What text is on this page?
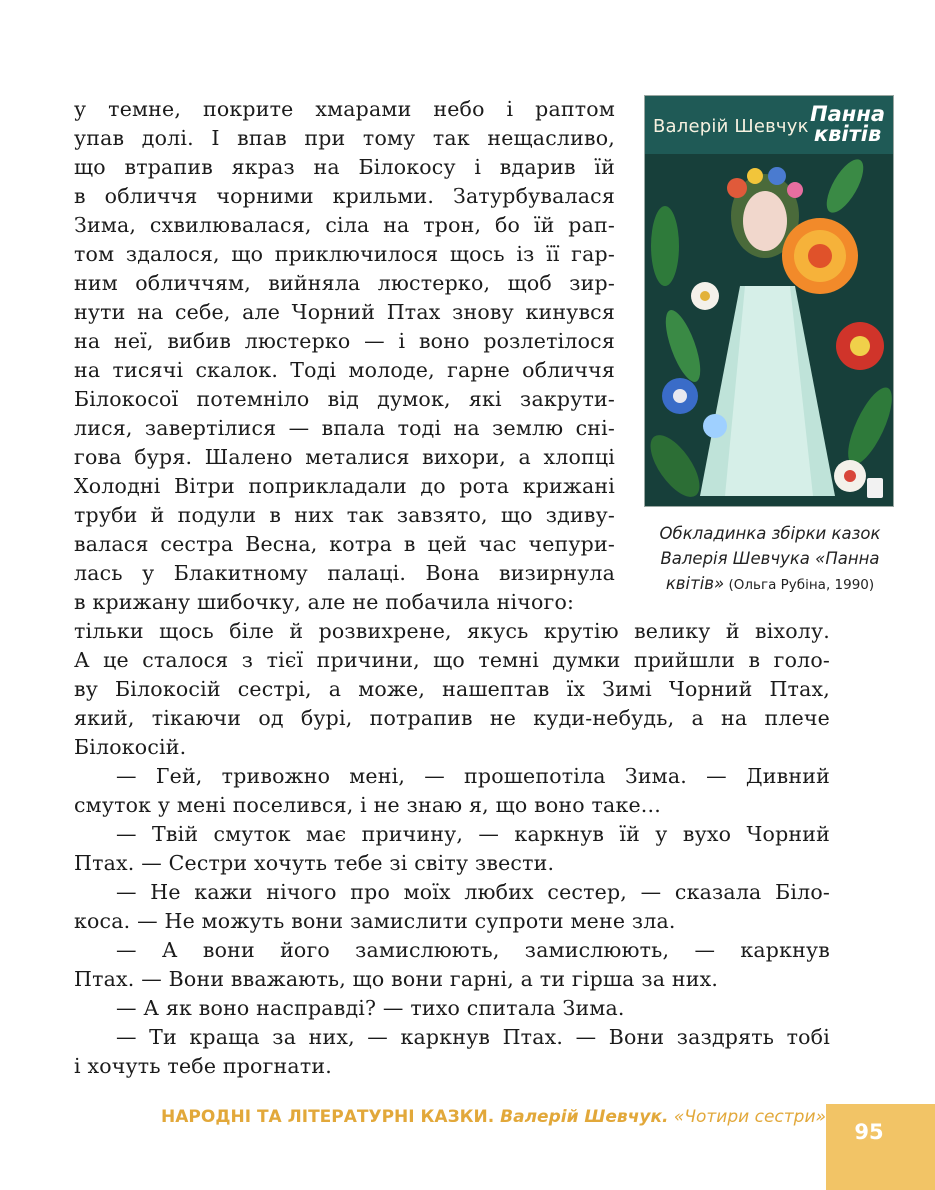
у темне, покрите хмарами небо і раптом
упав долі. І впав при тому так нещасливо,
що втрапив якраз на Білокосу і вдарив їй
в обличчя чорними крильми. Затурбувалася
Зима, схвилювалася, сіла на трон, бо їй рап-
том здалося, що приключилося щось із її гар-
ним обличчям, вийняла люстерко, щоб зир-
нути на себе, але Чорний Птах знову кинувся
на неї, вибив люстерко — і воно розлетілося
на тисячі скалок. Тоді молоде, гарне обличчя
Білокосої потемніло від думок, які закрути-
лися, завертілися — впала тоді на землю сні-
гова буря. Шалено металися вихори, а хлопці
Холодні Вітри поприкладали до рота крижані
труби й подули в них так завзято, що здиву-
валася сестра Весна, котра в цей час чепури-
лась у Блакитному палаці. Вона визирнула
в крижану шибочку, але не побачила нічого:
тільки щось біле й розвихрене, якусь крутію велику й віхолу.
А це сталося з тієї причини, що темні думки прийшли в голо-
ву Білокосій сестрі, а може, нашептав їх Зимі Чорний Птах,
який, тікаючи од бурі, потрапив не куди-небудь, а на плече
Білокосій.
— Гей, тривожно мені, — прошепотіла Зима. — Дивний
смуток у мені поселився, і не знаю я, що воно таке...
— Твій смуток має причину, — каркнув їй у вухо Чорний
Птах. — Сестри хочуть тебе зі світу звести.
— Не кажи нічого про моїх любих сестер, — сказала Біло-
коса. — Не можуть вони замислити супроти мене зла.
— А вони його замислюють, замислюють, — каркнув
Птах. — Вони вважають, що вони гарні, а ти гірша за них.
— А як воно насправді? — тихо спитала Зима.
— Ти краща за них, — каркнув Птах. — Вони заздрять тобі
і хочуть тебе прогнати.
Валерій Шевчук
Панна
квітів
Обкладинка збірки казок
Валерія Шевчука «Панна
квітів» (Ольга Рубіна, 1990)
НАРОДНІ ТА ЛІТЕРАТУРНІ КАЗКИ. Валерій Шевчук. «Чотири сестри»
95
